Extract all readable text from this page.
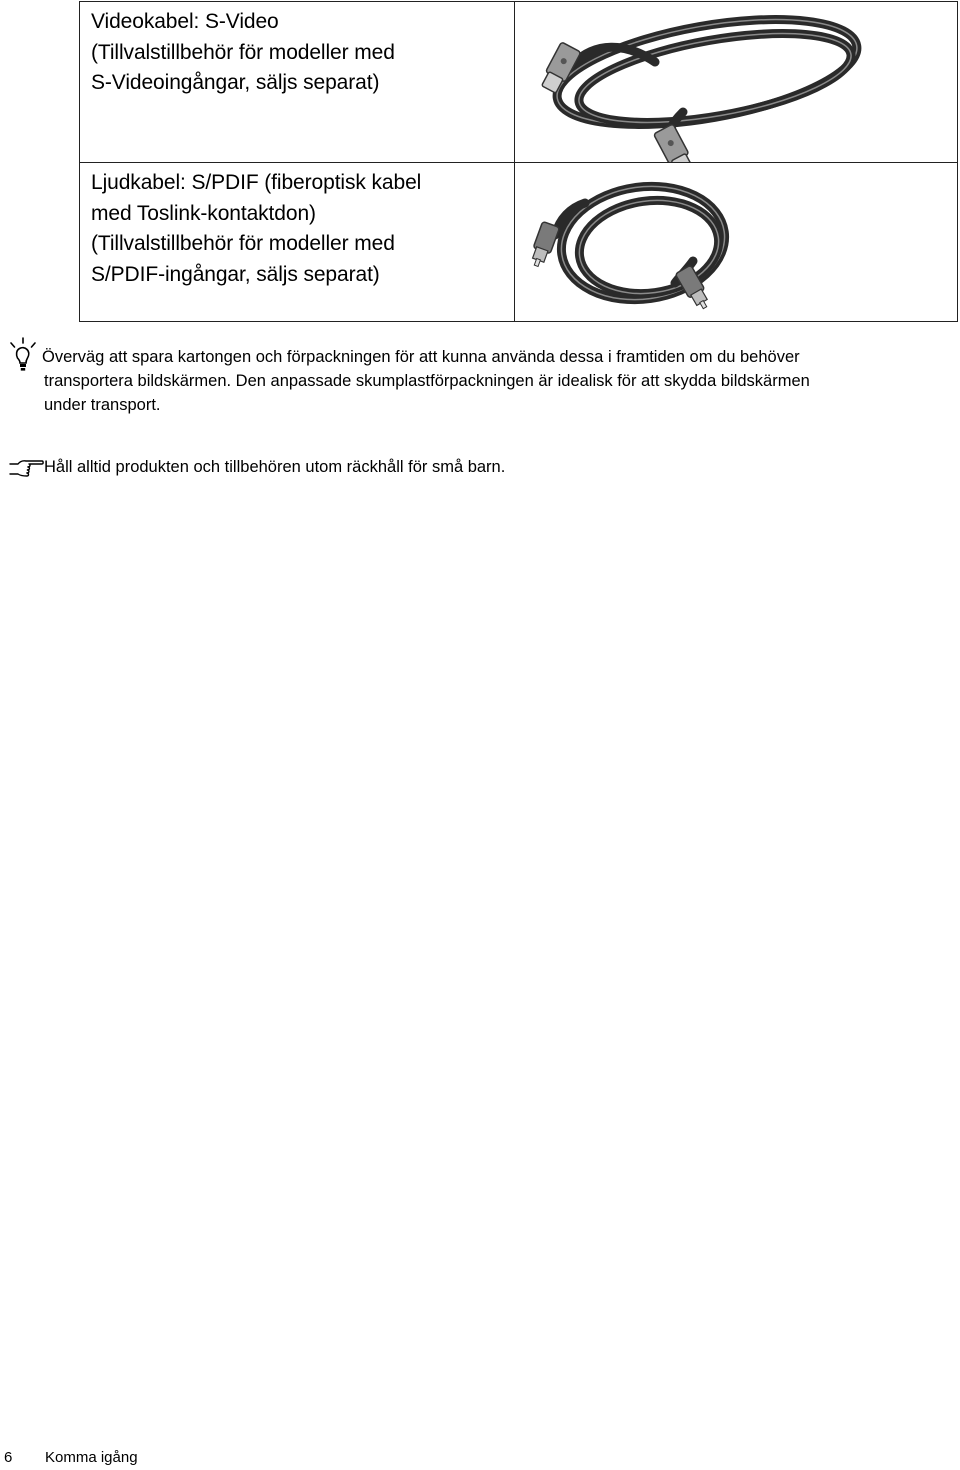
Videokabel: S-Video
(Tillvalstillbehör för modeller med
S-Videoingångar, säljs separat)

Ljudkabel: S/PDIF (fiberoptisk kabel
med Toslink-kontaktdon)
(Tillvalstillbehör för modeller med
S/PDIF-ingångar, säljs separat)

Överväg att spara kartongen och förpackningen för att kunna använda dessa i framtiden om du behöver
transportera bildskärmen. Den anpassade skumplastförpackningen är idealisk för att skydda bildskärmen
under transport.
Håll alltid produkten och tillbehören utom räckhåll för små barn.
6 Komma igång
